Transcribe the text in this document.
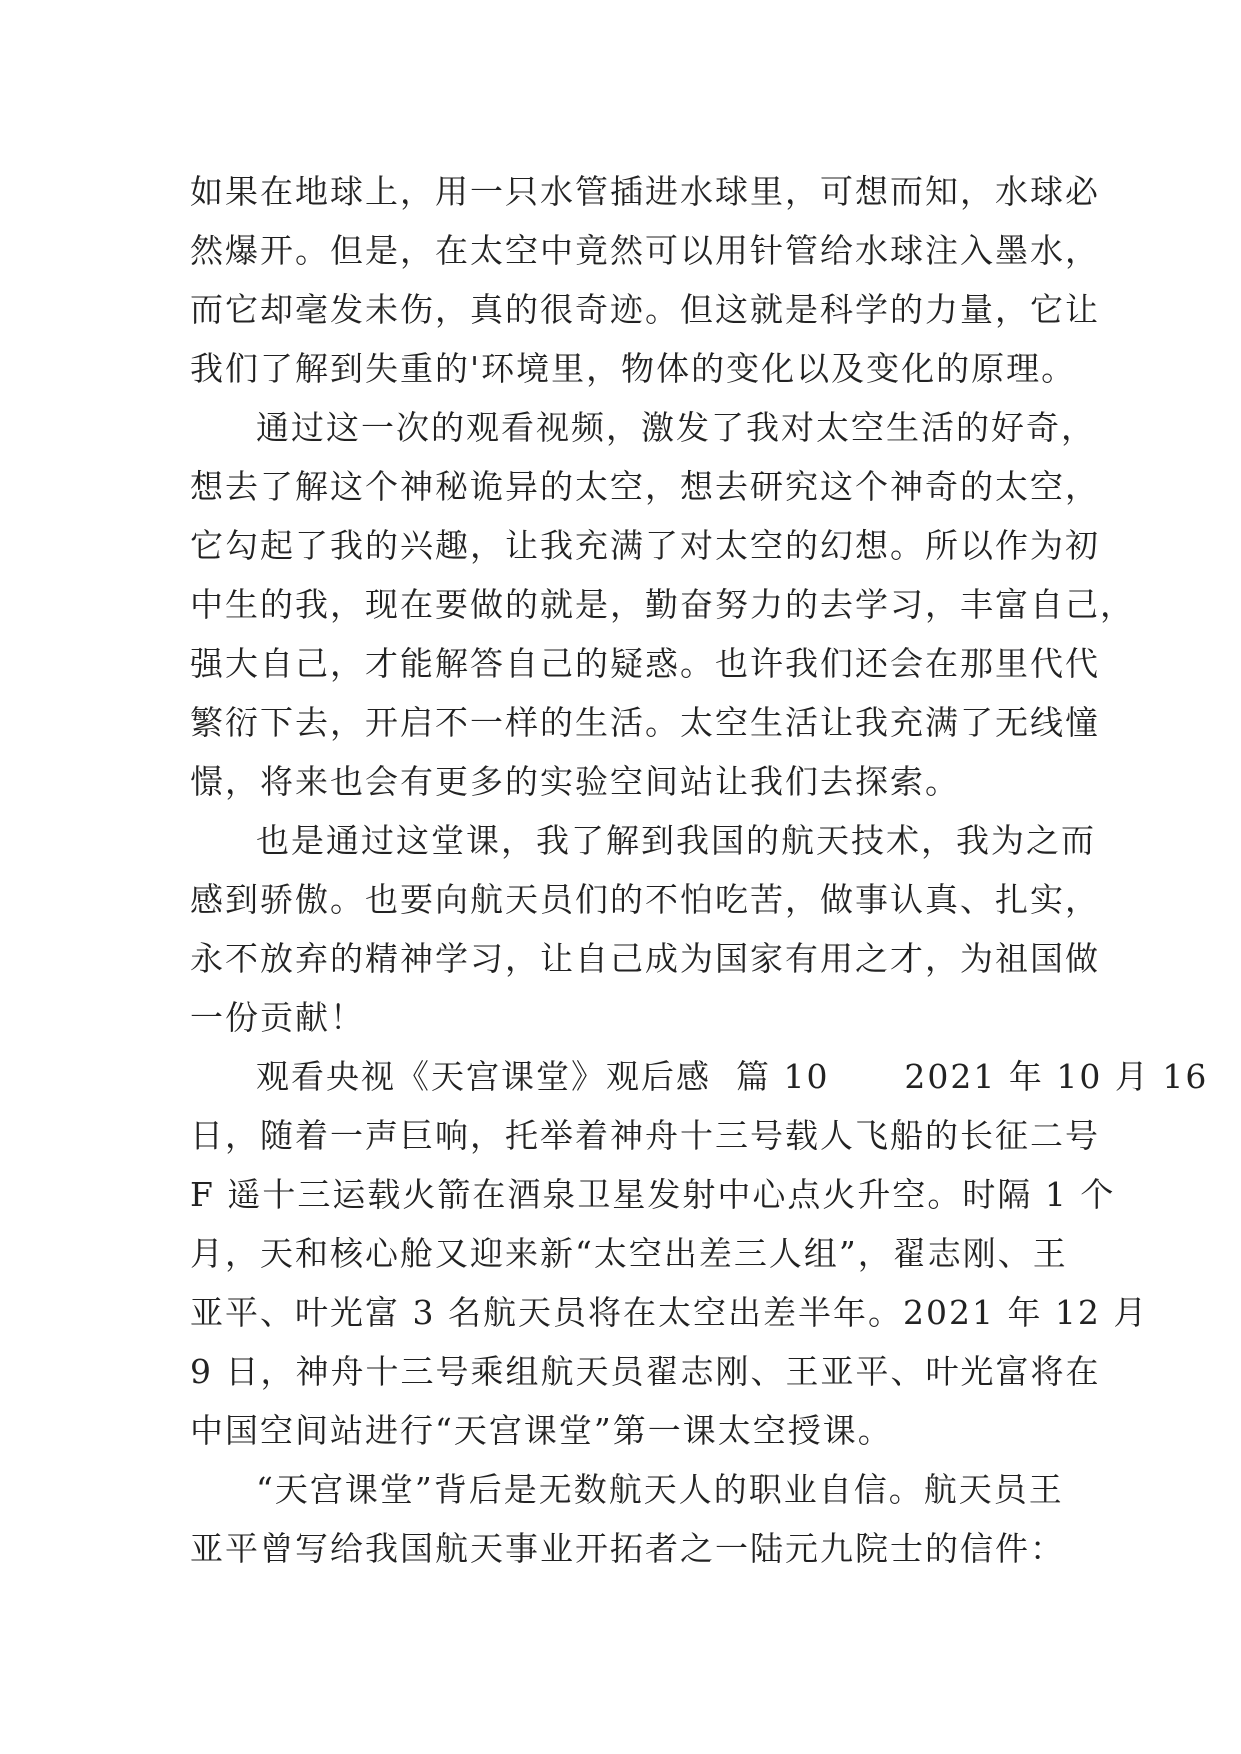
如果在地球上，用一只水管插进水球里，可想而知，水球必
然爆开。但是，在太空中竟然可以用针管给水球注入墨水，
而它却毫发未伤，真的很奇迹。但这就是科学的力量，它让
我们了解到失重的'环境里，物体的变化以及变化的原理。
通过这一次的观看视频，激发了我对太空生活的好奇，
想去了解这个神秘诡异的太空，想去研究这个神奇的太空，
它勾起了我的兴趣，让我充满了对太空的幻想。所以作为初
中生的我，现在要做的就是，勤奋努力的去学习，丰富自己，
强大自己，才能解答自己的疑惑。也许我们还会在那里代代
繁衍下去，开启不一样的生活。太空生活让我充满了无线憧
憬，将来也会有更多的实验空间站让我们去探索。
也是通过这堂课，我了解到我国的航天技术，我为之而
感到骄傲。也要向航天员们的不怕吃苦，做事认真、扎实，
永不放弃的精神学习，让自己成为国家有用之才，为祖国做
一份贡献！
观看央视《天宫课堂》观后感  篇 10      2021 年 10 月 16
日，随着一声巨响，托举着神舟十三号载人飞船的长征二号
F 遥十三运载火箭在酒泉卫星发射中心点火升空。时隔 1 个
月，天和核心舱又迎来新“太空出差三人组”，翟志刚、王
亚平、叶光富 3 名航天员将在太空出差半年。2021 年 12 月
9 日，神舟十三号乘组航天员翟志刚、王亚平、叶光富将在
中国空间站进行“天宫课堂”第一课太空授课。
“天宫课堂”背后是无数航天人的职业自信。航天员王
亚平曾写给我国航天事业开拓者之一陆元九院士的信件：
